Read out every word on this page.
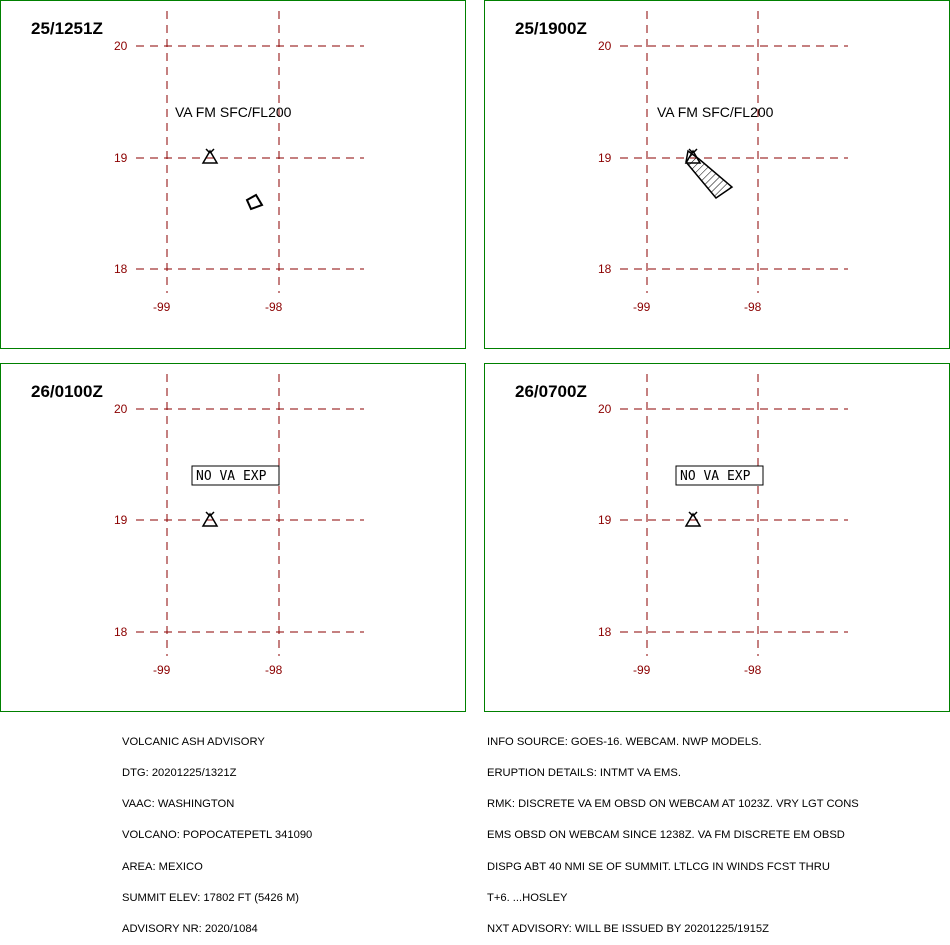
25/1251Z
20
19
18
-99	-98
VA FM SFC/FL200
25/1900Z
20
19
18
-99	-98
VA FM SFC/FL200
26/0100Z
20
19
18
-99	-98
NO VA EXP
26/0700Z
20
19
18
-99	-98
NO VA EXP

VOLCANIC ASH ADVISORY

DTG: 20201225/1321Z

VAAC: WASHINGTON

VOLCANO: POPOCATEPETL 341090

AREA: MEXICO

SUMMIT ELEV: 17802 FT (5426 M)

ADVISORY NR: 2020/1084

INFO SOURCE: GOES-16. WEBCAM. NWP MODELS.

ERUPTION DETAILS: INTMT VA EMS.

RMK: DISCRETE VA EM OBSD ON WEBCAM AT 1023Z. VRY LGT CONS

EMS OBSD ON WEBCAM SINCE 1238Z. VA FM DISCRETE EM OBSD

DISPG ABT 40 NMI SE OF SUMMIT. LTLCG IN WINDS FCST THRU

T+6. ...HOSLEY

NXT ADVISORY: WILL BE ISSUED BY 20201225/1915Z
